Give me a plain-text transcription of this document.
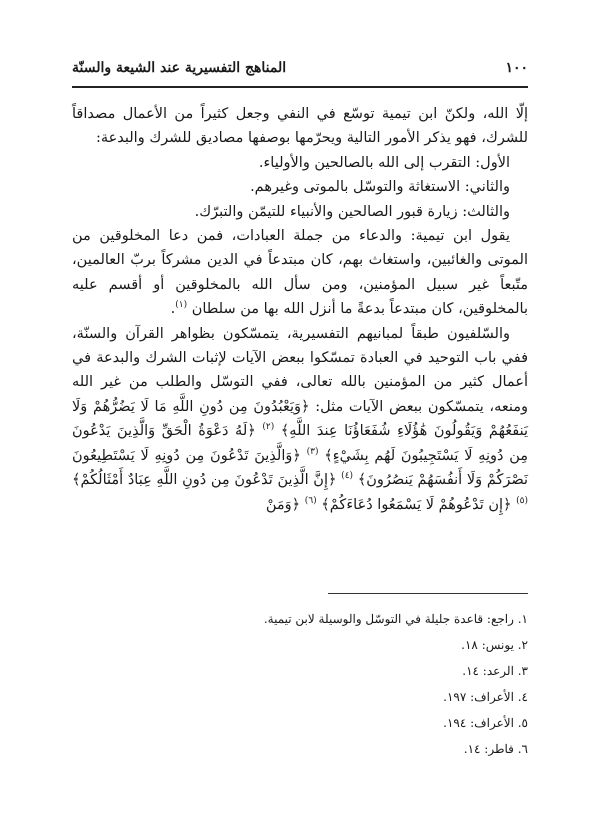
١٠٠
المناهج التفسيرية عند الشيعة والسنّة

إلّا الله، ولكنّ ابن تيمية توسّع في النفي وجعل كثيراً من الأعمال مصداقاً للشرك، فهو يذكر الأمور التالية ويحرّمها بوصفها مصاديق للشرك والبدعة:

الأول: التقرب إلى الله بالصالحين والأولياء.

والثاني: الاستغاثة والتوسّل بالموتى وغيرهم.

والثالث: زيارة قبور الصالحين والأنبياء للتيمّن والتبرّك.

يقول ابن تيمية: والدعاء من جملة العبادات، فمن دعا المخلوقين من الموتى والغائبين، واستغاث بهم، كان مبتدعاً في الدين مشركاً بربّ العالمين، متّبعاً غير سبيل المؤمنين، ومن سأل الله بالمخلوقين أو أقسم عليه بالمخلوقين، كان مبتدعاً بدعةً ما أنزل الله بها من سلطان $^{(١)}$.

والسّلفيون طبقاً لمبانيهم التفسيرية، يتمسّكون بظواهر القرآن والسنّة، ففي باب التوحيد في العبادة تمسّكوا ببعض الآيات لإثبات الشرك والبدعة في أعمال كثير من المؤمنين بالله تعالى، ففي التوسّل والطلب من غير الله ومنعه، يتمسّكون ببعض الآيات مثل: ﴿وَيَعْبُدُونَ مِن دُونِ اللَّهِ مَا لَا يَضُرُّهُمْ وَلَا يَنفَعُهُمْ وَيَقُولُونَ هَٰؤُلَاءِ شُفَعَاؤُنَا عِندَ اللَّهِ﴾ $^{(٢)}$ ﴿لَهُ دَعْوَةُ الْحَقِّ وَالَّذِينَ يَدْعُونَ مِن دُونِهِ لَا يَسْتَجِيبُونَ لَهُم بِشَيْءٍ﴾ $^{(٣)}$ ﴿وَالَّذِينَ تَدْعُونَ مِن دُونِهِ لَا يَسْتَطِيعُونَ نَصْرَكُمْ وَلَا أَنفُسَهُمْ يَنصُرُونَ﴾ $^{(٤)}$ ﴿إِنَّ الَّذِينَ تَدْعُونَ مِن دُونِ اللَّهِ عِبَادٌ أَمْثَالُكُمْ﴾ $^{(٥)}$ ﴿إِن تَدْعُوهُمْ لَا يَسْمَعُوا دُعَاءَكُمْ﴾ $^{(٦)}$ ﴿وَمَنْ

١. راجع: قاعدة جليلة في التوسّل والوسيلة لابن تيمية.
٢. يونس: ١٨.
٣. الرعد: ١٤.
٤. الأعراف: ١٩٧.
٥. الأعراف: ١٩٤.
٦. فاطر: ١٤.
